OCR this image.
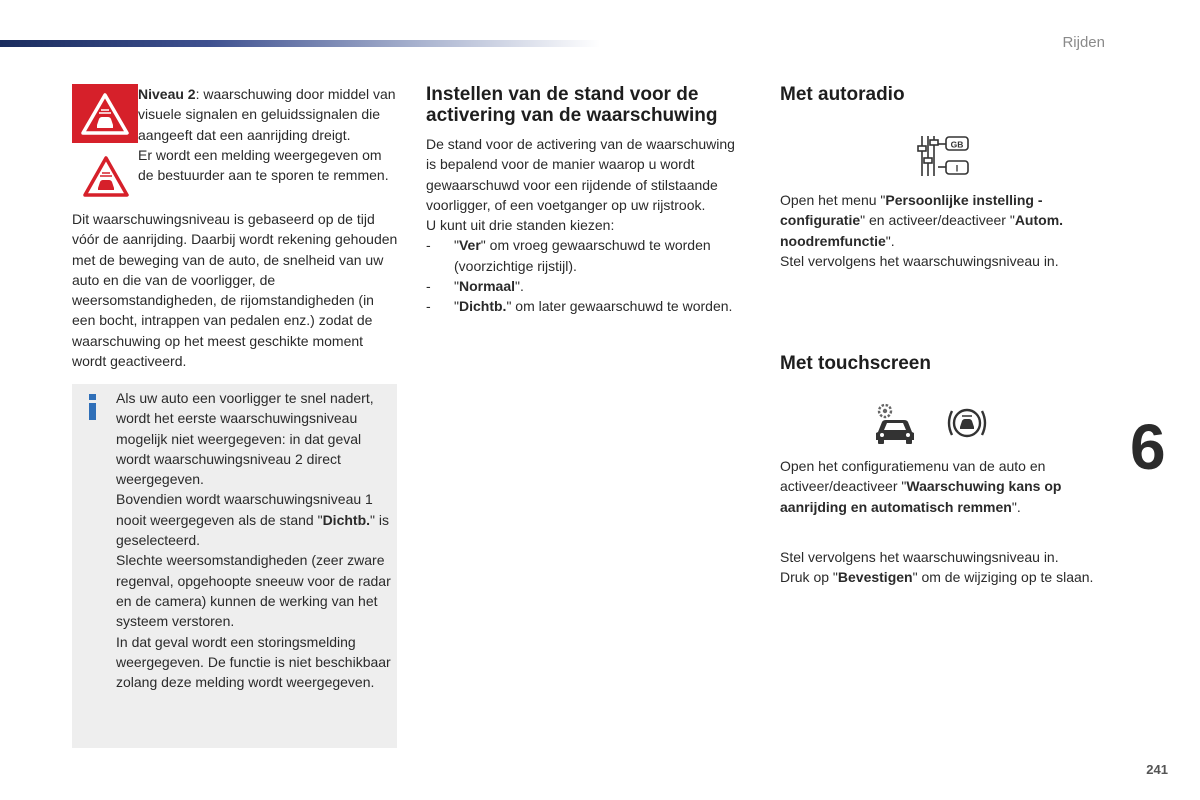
Rijden
6
241
Niveau 2: waarschuwing door middel van visuele signalen en geluidssignalen die aangeeft dat een aanrijding dreigt.
Er wordt een melding weergegeven om de bestuurder aan te sporen te remmen.

Dit waarschuwingsniveau is gebaseerd op de tijd vóór de aanrijding. Daarbij wordt rekening gehouden met de beweging van de auto, de snelheid van uw auto en die van de voorligger, de weersomstandigheden, de rijomstandigheden (in een bocht, intrappen van pedalen enz.) zodat de waarschuwing op het meest geschikte moment wordt geactiveerd.

Als uw auto een voorligger te snel nadert, wordt het eerste waarschuwingsniveau mogelijk niet weergegeven: in dat geval wordt waarschuwingsniveau 2 direct weergegeven.
Bovendien wordt waarschuwingsniveau 1 nooit weergegeven als de stand "Dichtb." is geselecteerd.
Slechte weersomstandigheden (zeer zware regenval, opgehoopte sneeuw voor de radar en de camera) kunnen de werking van het systeem verstoren.
In dat geval wordt een storingsmelding weergegeven. De functie is niet beschikbaar zolang deze melding wordt weergegeven.
Instellen van de stand voor de activering van de waarschuwing

De stand voor de activering van de waarschuwing is bepalend voor de manier waarop u wordt gewaarschuwd voor een rijdende of stilstaande voorligger, of een voetganger op uw rijstrook.

U kunt uit drie standen kiezen:

-	"Ver" om vroeg gewaarschuwd te worden (voorzichtige rijstijl).
-	"Normaal".
-	"Dichtb." om later gewaarschuwd te worden.
Met autoradio

Open het menu "Persoonlijke instelling - configuratie" en activeer/deactiveer "Autom. noodremfunctie".

Stel vervolgens het waarschuwingsniveau in.

Met touchscreen

Open het configuratiemenu van de auto en activeer/deactiveer "Waarschuwing kans op aanrijding en automatisch remmen".

Stel vervolgens het waarschuwingsniveau in.

Druk op "Bevestigen" om de wijziging op te slaan.

GB
I
